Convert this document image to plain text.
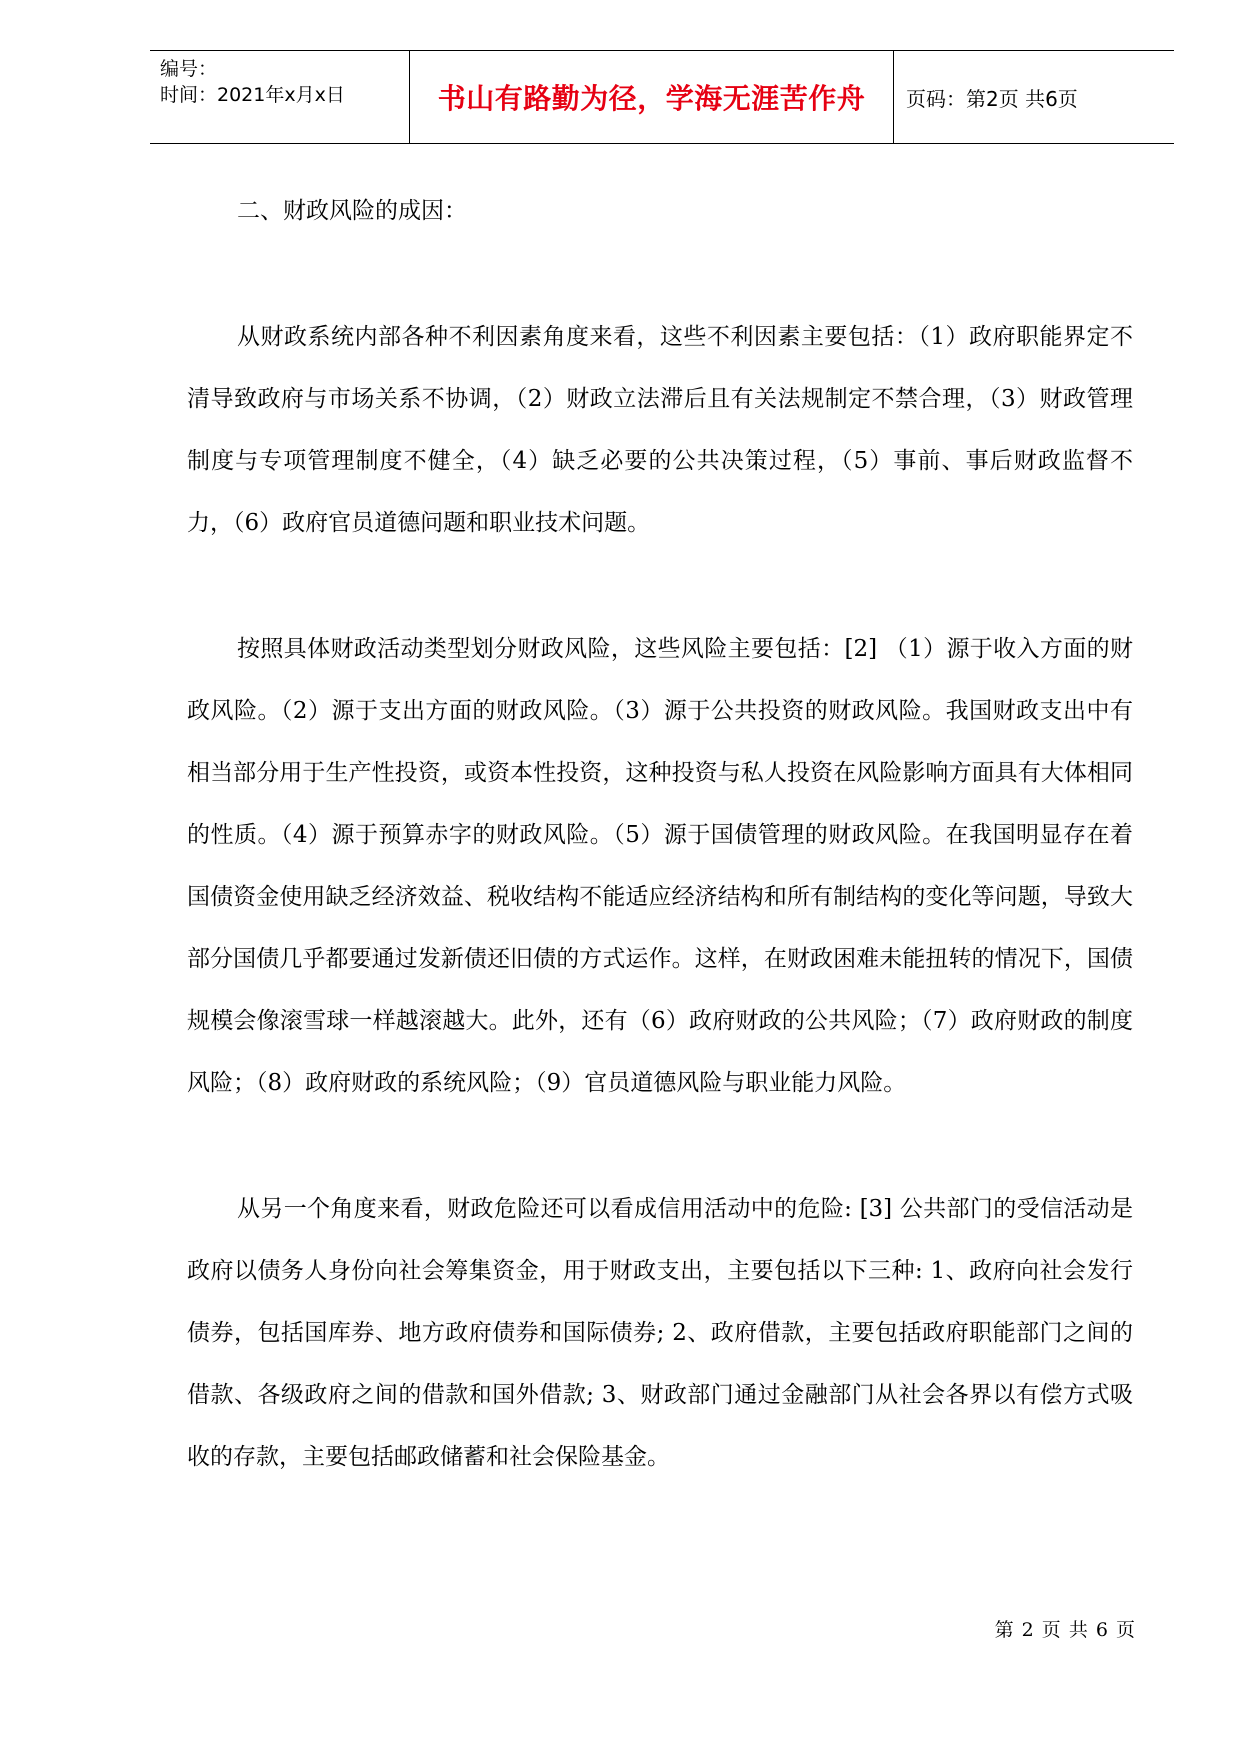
编号：
时间：2021年x月x日	书山有路勤为径，学海无涯苦作舟	页码：第2页 共6页

二、财政风险的成因：

从财政系统内部各种不利因素角度来看，这些不利因素主要包括：（1）政府职能界定不清导致政府与市场关系不协调，（2）财政立法滞后且有关法规制定不禁合理，（3）财政管理制度与专项管理制度不健全，（4）缺乏必要的公共决策过程，（5）事前、事后财政监督不力，（6）政府官员道德问题和职业技术问题。

按照具体财政活动类型划分财政风险，这些风险主要包括：[2] （1）源于收入方面的财政风险。（2）源于支出方面的财政风险。（3）源于公共投资的财政风险。我国财政支出中有相当部分用于生产性投资，或资本性投资，这种投资与私人投资在风险影响方面具有大体相同的性质。（4）源于预算赤字的财政风险。（5）源于国债管理的财政风险。在我国明显存在着国债资金使用缺乏经济效益、税收结构不能适应经济结构和所有制结构的变化等问题，导致大部分国债几乎都要通过发新债还旧债的方式运作。这样，在财政困难未能扭转的情况下，国债规模会像滚雪球一样越滚越大。此外，还有（6）政府财政的公共风险；（7）政府财政的制度风险；（8）政府财政的系统风险；（9）官员道德风险与职业能力风险。

从另一个角度来看，财政危险还可以看成信用活动中的危险: [3] 公共部门的受信活动是政府以债务人身份向社会筹集资金，用于财政支出，主要包括以下三种: 1、政府向社会发行债券，包括国库券、地方政府债券和国际债券; 2、政府借款，主要包括政府职能部门之间的借款、各级政府之间的借款和国外借款; 3、财政部门通过金融部门从社会各界以有偿方式吸收的存款，主要包括邮政储蓄和社会保险基金。

第 2 页 共 6 页
